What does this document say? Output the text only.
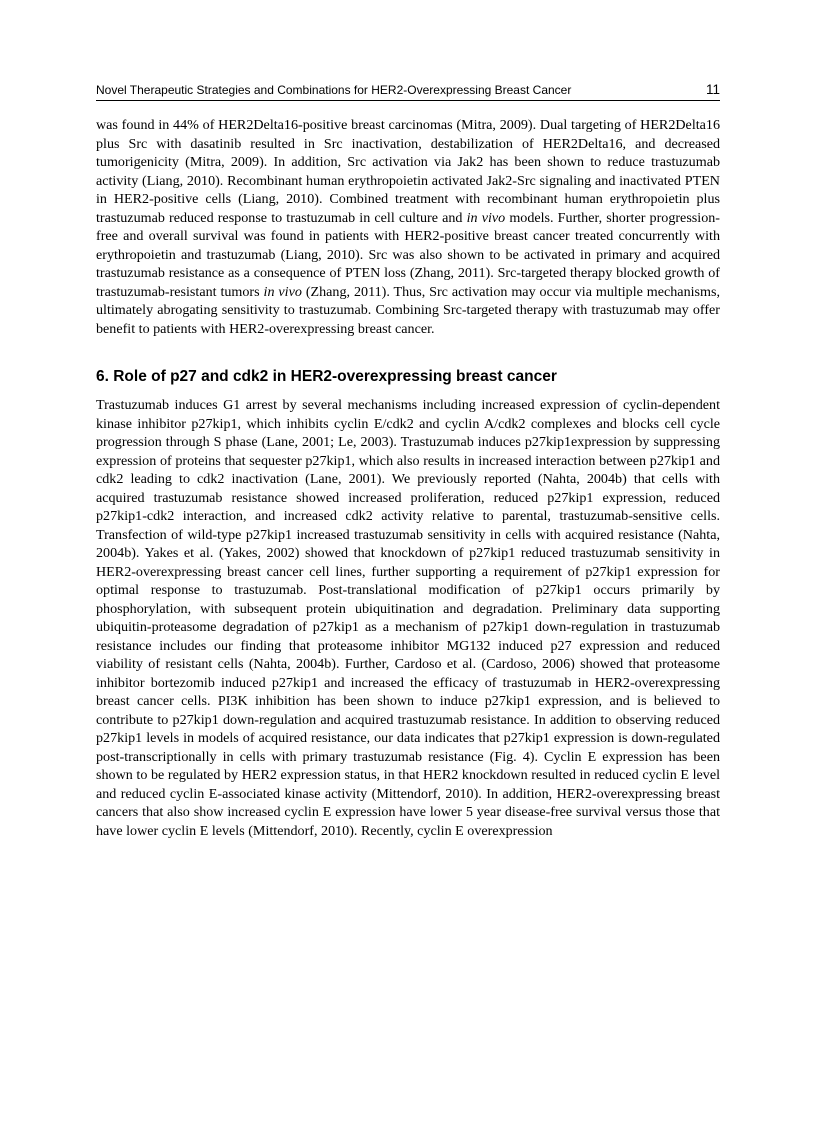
Novel Therapeutic Strategies and Combinations for HER2-Overexpressing Breast Cancer	11

was found in 44% of HER2Delta16-positive breast carcinomas (Mitra, 2009). Dual targeting of HER2Delta16 plus Src with dasatinib resulted in Src inactivation, destabilization of HER2Delta16, and decreased tumorigenicity (Mitra, 2009). In addition, Src activation via Jak2 has been shown to reduce trastuzumab activity (Liang, 2010). Recombinant human erythropoietin activated Jak2-Src signaling and inactivated PTEN in HER2-positive cells (Liang, 2010). Combined treatment with recombinant human erythropoietin plus trastuzumab reduced response to trastuzumab in cell culture and in vivo models. Further, shorter progression-free and overall survival was found in patients with HER2-positive breast cancer treated concurrently with erythropoietin and trastuzumab (Liang, 2010). Src was also shown to be activated in primary and acquired trastuzumab resistance as a consequence of PTEN loss (Zhang, 2011). Src-targeted therapy blocked growth of trastuzumab-resistant tumors in vivo (Zhang, 2011). Thus, Src activation may occur via multiple mechanisms, ultimately abrogating sensitivity to trastuzumab. Combining Src-targeted therapy with trastuzumab may offer benefit to patients with HER2-overexpressing breast cancer.

6. Role of p27 and cdk2 in HER2-overexpressing breast cancer

Trastuzumab induces G1 arrest by several mechanisms including increased expression of cyclin-dependent kinase inhibitor p27kip1, which inhibits cyclin E/cdk2 and cyclin A/cdk2 complexes and blocks cell cycle progression through S phase (Lane, 2001; Le, 2003). Trastuzumab induces p27kip1expression by suppressing expression of proteins that sequester p27kip1, which also results in increased interaction between p27kip1 and cdk2 leading to cdk2 inactivation (Lane, 2001). We previously reported (Nahta, 2004b) that cells with acquired trastuzumab resistance showed increased proliferation, reduced p27kip1 expression, reduced p27kip1-cdk2 interaction, and increased cdk2 activity relative to parental, trastuzumab-sensitive cells. Transfection of wild-type p27kip1 increased trastuzumab sensitivity in cells with acquired resistance (Nahta, 2004b). Yakes et al. (Yakes, 2002) showed that knockdown of p27kip1 reduced trastuzumab sensitivity in HER2-overexpressing breast cancer cell lines, further supporting a requirement of p27kip1 expression for optimal response to trastuzumab. Post-translational modification of p27kip1 occurs primarily by phosphorylation, with subsequent protein ubiquitination and degradation. Preliminary data supporting ubiquitin-proteasome degradation of p27kip1 as a mechanism of p27kip1 down-regulation in trastuzumab resistance includes our finding that proteasome inhibitor MG132 induced p27 expression and reduced viability of resistant cells (Nahta, 2004b). Further, Cardoso et al. (Cardoso, 2006) showed that proteasome inhibitor bortezomib induced p27kip1 and increased the efficacy of trastuzumab in HER2-overexpressing breast cancer cells. PI3K inhibition has been shown to induce p27kip1 expression, and is believed to contribute to p27kip1 down-regulation and acquired trastuzumab resistance. In addition to observing reduced p27kip1 levels in models of acquired resistance, our data indicates that p27kip1 expression is down-regulated post-transcriptionally in cells with primary trastuzumab resistance (Fig. 4). Cyclin E expression has been shown to be regulated by HER2 expression status, in that HER2 knockdown resulted in reduced cyclin E level and reduced cyclin E-associated kinase activity (Mittendorf, 2010). In addition, HER2-overexpressing breast cancers that also show increased cyclin E expression have lower 5 year disease-free survival versus those that have lower cyclin E levels (Mittendorf, 2010). Recently, cyclin E overexpression
